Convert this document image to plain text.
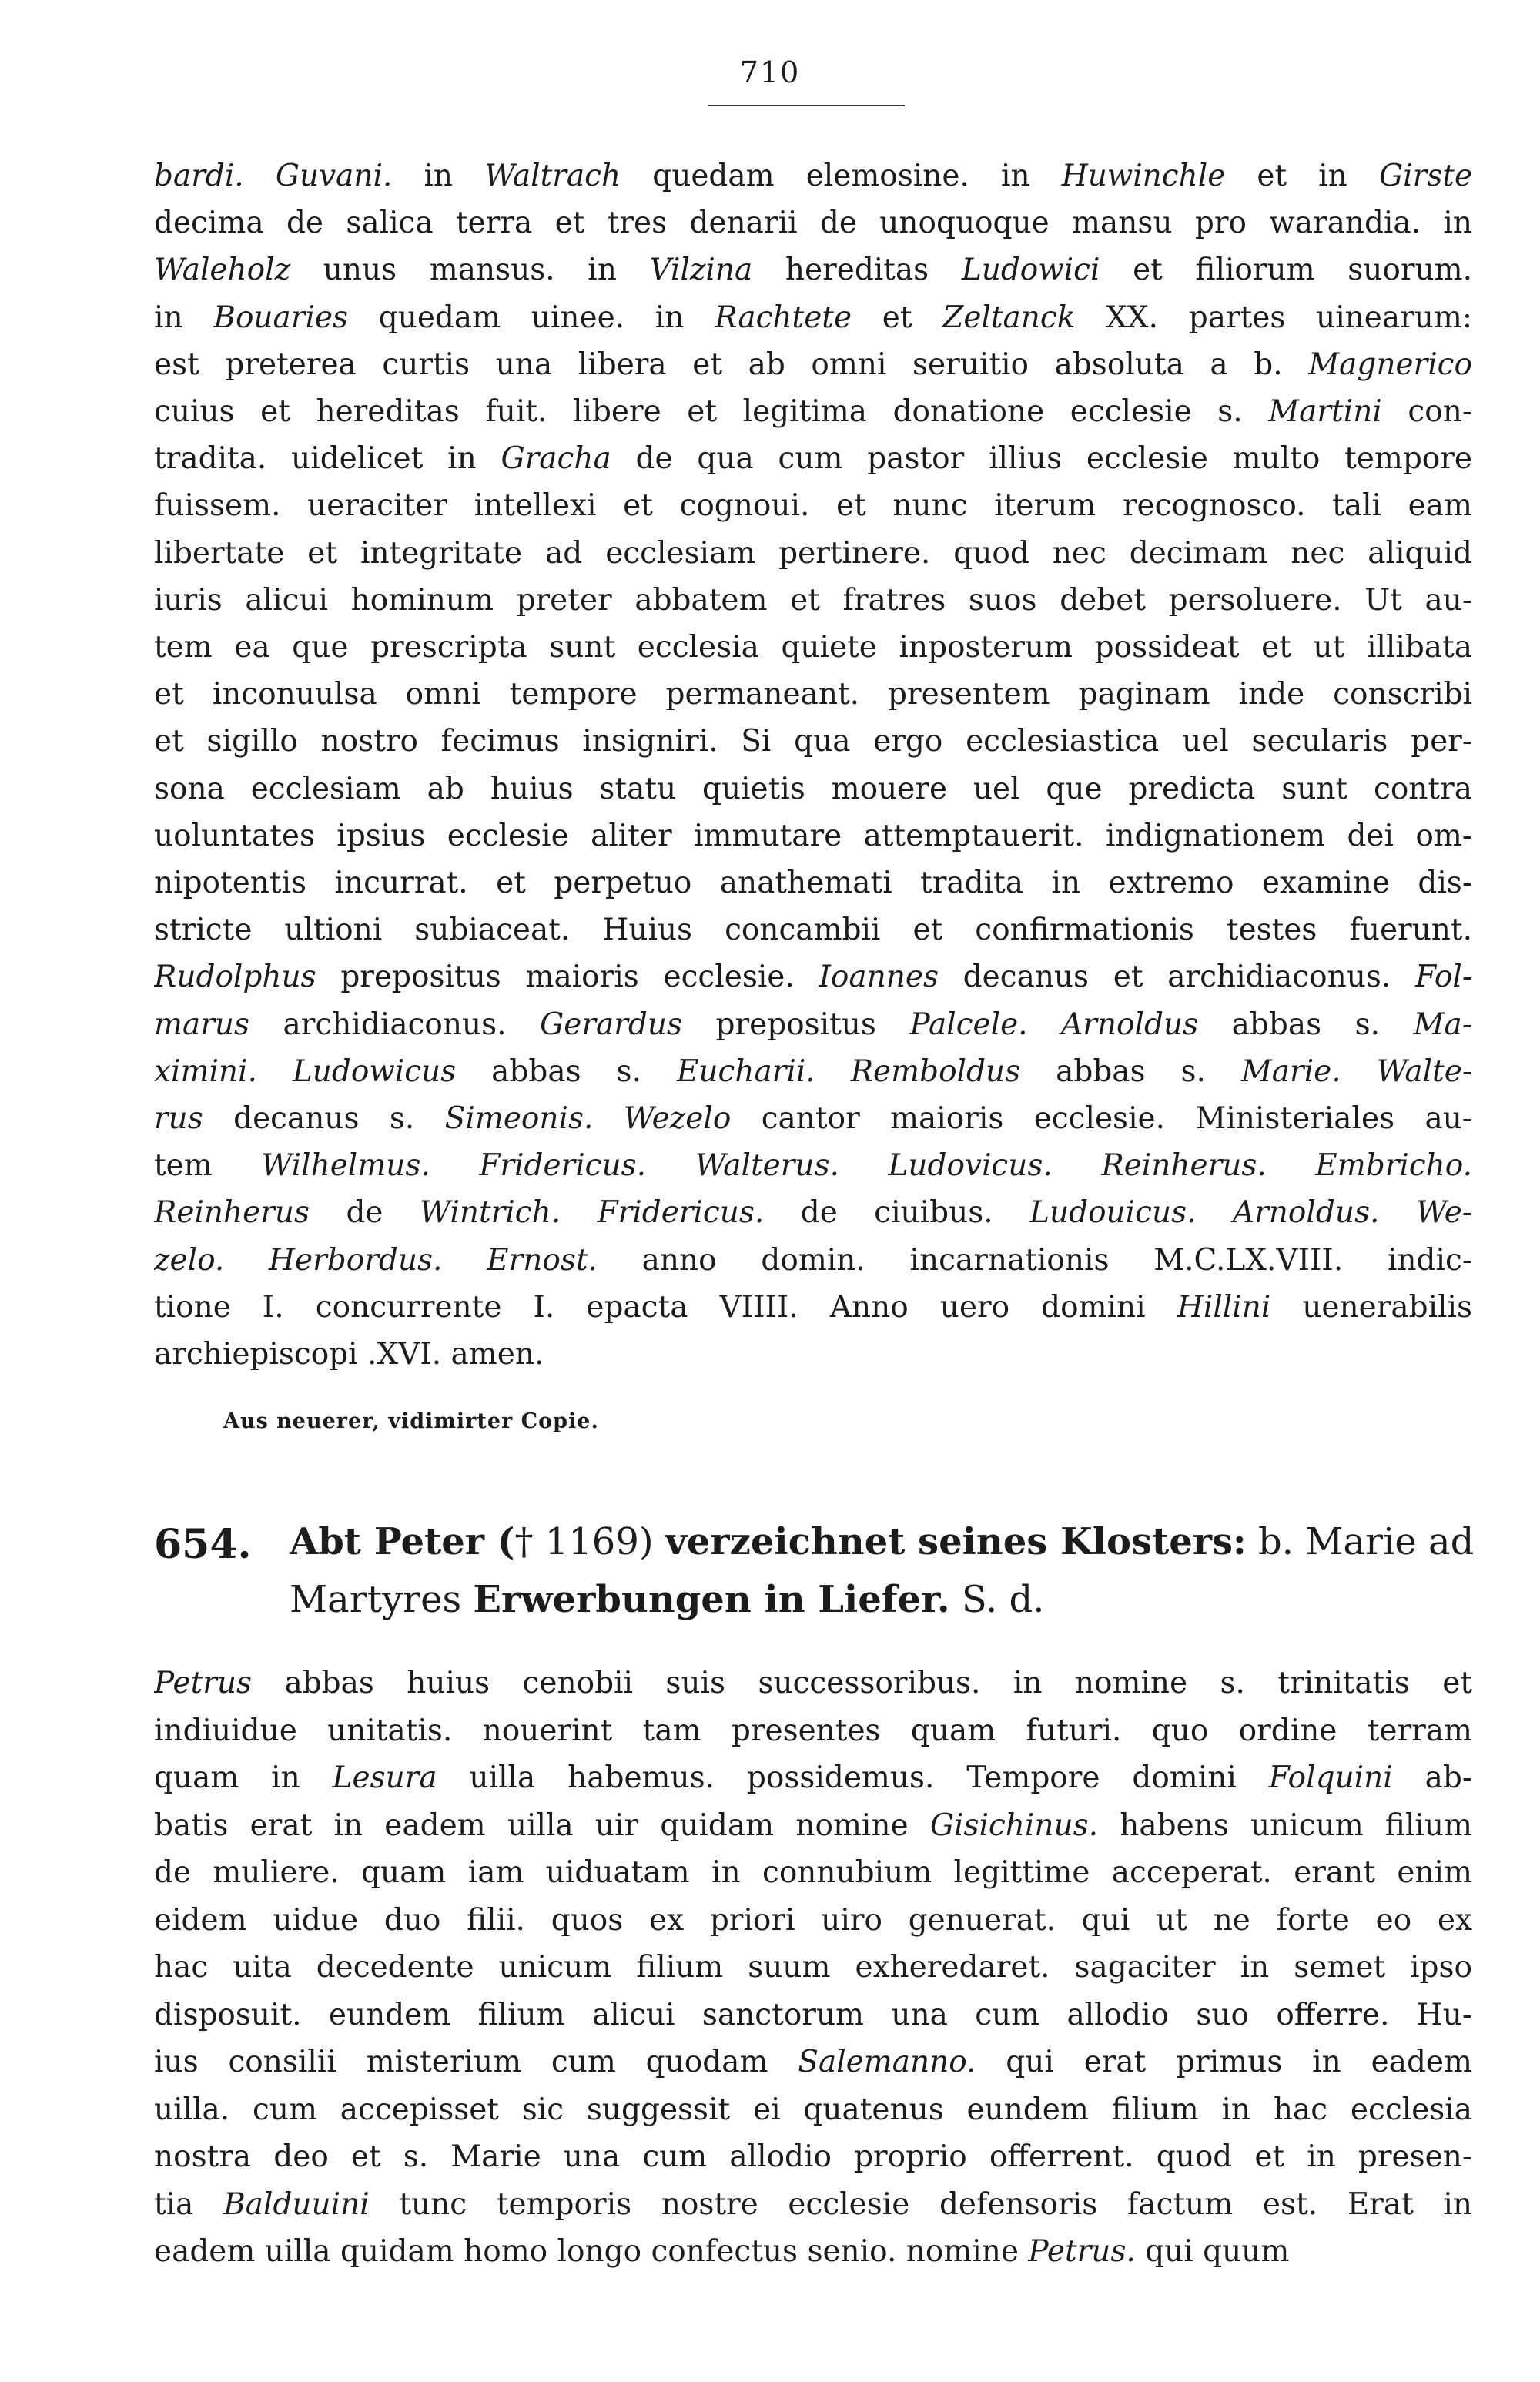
710
bardi. Guvani. in Waltrach quedam elemosine. in Huwinchle et in Girste
decima de salica terra et tres denarii de unoquoque mansu pro warandia. in
Waleholz unus mansus. in Vilzina hereditas Ludowici et filiorum suorum.
in Bouaries quedam uinee. in Rachtete et Zeltanck XX. partes uinearum:
est preterea curtis una libera et ab omni seruitio absoluta a b. Magnerico
cuius et hereditas fuit. libere et legitima donatione ecclesie s. Martini con-
tradita. uidelicet in Gracha de qua cum pastor illius ecclesie multo tempore
fuissem. ueraciter intellexi et cognoui. et nunc iterum recognosco. tali eam
libertate et integritate ad ecclesiam pertinere. quod nec decimam nec aliquid
iuris alicui hominum preter abbatem et fratres suos debet persoluere. Ut au-
tem ea que prescripta sunt ecclesia quiete inposterum possideat et ut illibata
et inconuulsa omni tempore permaneant. presentem paginam inde conscribi
et sigillo nostro fecimus insigniri. Si qua ergo ecclesiastica uel secularis per-
sona ecclesiam ab huius statu quietis mouere uel que predicta sunt contra
uoluntates ipsius ecclesie aliter immutare attemptauerit. indignationem dei om-
nipotentis incurrat. et perpetuo anathemati tradita in extremo examine dis-
stricte ultioni subiaceat. Huius concambii et confirmationis testes fuerunt.
Rudolphus prepositus maioris ecclesie. Ioannes decanus et archidiaconus. Fol-
marus archidiaconus. Gerardus prepositus Palcele. Arnoldus abbas s. Ma-
ximini. Ludowicus abbas s. Eucharii. Remboldus abbas s. Marie. Walte-
rus decanus s. Simeonis. Wezelo cantor maioris ecclesie. Ministeriales au-
tem Wilhelmus. Fridericus. Walterus. Ludovicus. Reinherus. Embricho.
Reinherus de Wintrich. Fridericus. de ciuibus. Ludouicus. Arnoldus. We-
zelo. Herbordus. Ernost. anno domin. incarnationis M.C.LX.VIII. indic-
tione I. concurrente I. epacta VIIII. Anno uero domini Hillini uenerabilis
archiepiscopi .XVI. amen.
Aus neuerer, vidimirter Copie.
654. Abt Peter († 1169) verzeichnet seines Klosters: b. Marie ad
Martyres Erwerbungen in Liefer. S. d.
Petrus abbas huius cenobii suis successoribus. in nomine s. trinitatis et
indiuidue unitatis. nouerint tam presentes quam futuri. quo ordine terram
quam in Lesura uilla habemus. possidemus. Tempore domini Folquini ab-
batis erat in eadem uilla uir quidam nomine Gisichinus. habens unicum filium
de muliere. quam iam uiduatam in connubium legittime acceperat. erant enim
eidem uidue duo filii. quos ex priori uiro genuerat. qui ut ne forte eo ex
hac uita decedente unicum filium suum exheredaret. sagaciter in semet ipso
disposuit. eundem filium alicui sanctorum una cum allodio suo offerre. Hu-
ius consilii misterium cum quodam Salemanno. qui erat primus in eadem
uilla. cum accepisset sic suggessit ei quatenus eundem filium in hac ecclesia
nostra deo et s. Marie una cum allodio proprio offerrent. quod et in presen-
tia Balduuini tunc temporis nostre ecclesie defensoris factum est. Erat in
eadem uilla quidam homo longo confectus senio. nomine Petrus. qui quum
